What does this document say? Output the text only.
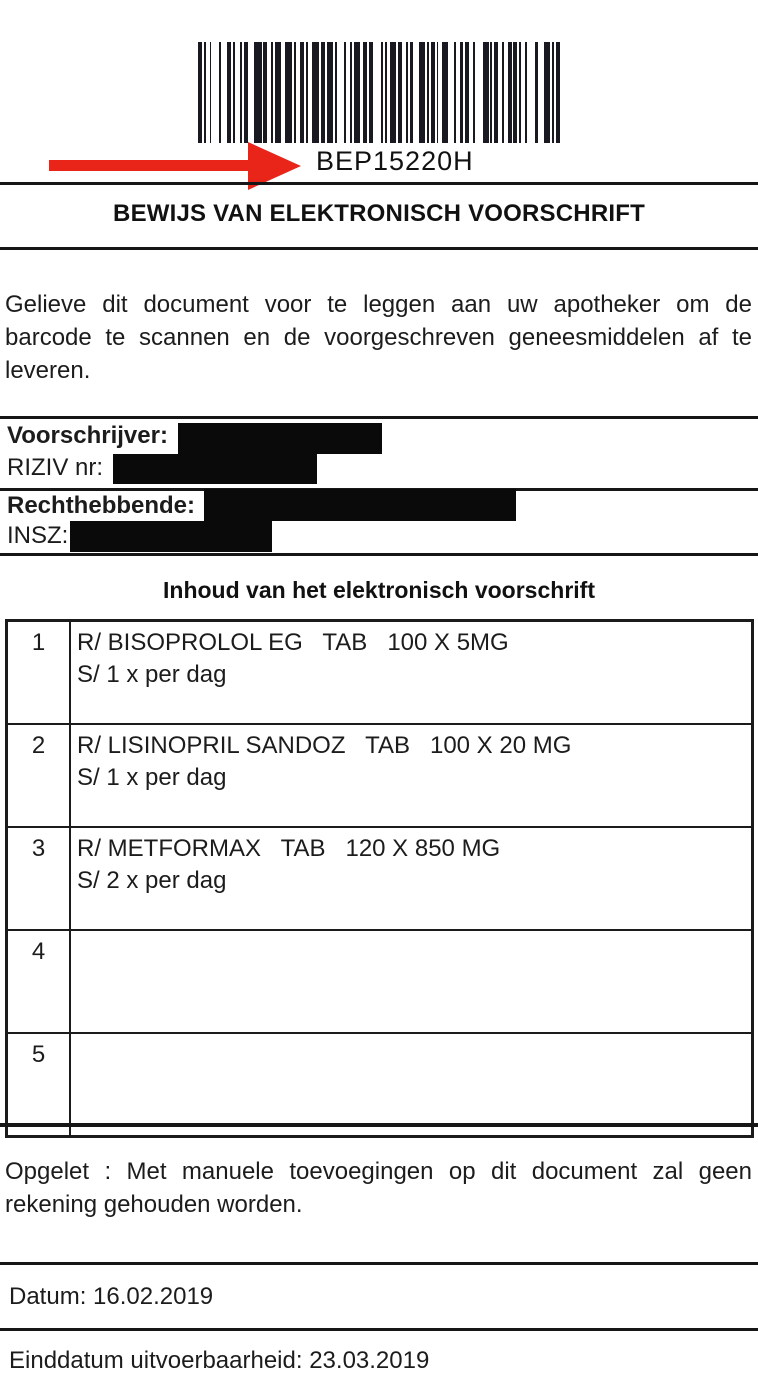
BEP15220H
BEWIJS VAN ELEKTRONISCH VOORSCHRIFT
Gelieve dit document voor te leggen aan uw apotheker om de barcode te scannen en de voorgeschreven geneesmiddelen af te leveren.
Voorschrijver:
RIZIV nr:
Rechthebbende:
INSZ:
Inhoud van het elektronisch voorschrift
1	R/ BISOPROLOL EG   TAB   100 X 5MG
S/ 1 x per dag

2	R/ LISINOPRIL SANDOZ   TAB   100 X 20 MG
S/ 1 x per dag

3	R/ METFORMAX   TAB   120 X 850 MG
S/ 2 x per dag

4	

5	
Opgelet : Met manuele toevoegingen op dit document zal geen rekening gehouden worden.
Datum: 16.02.2019
Einddatum uitvoerbaarheid: 23.03.2019
